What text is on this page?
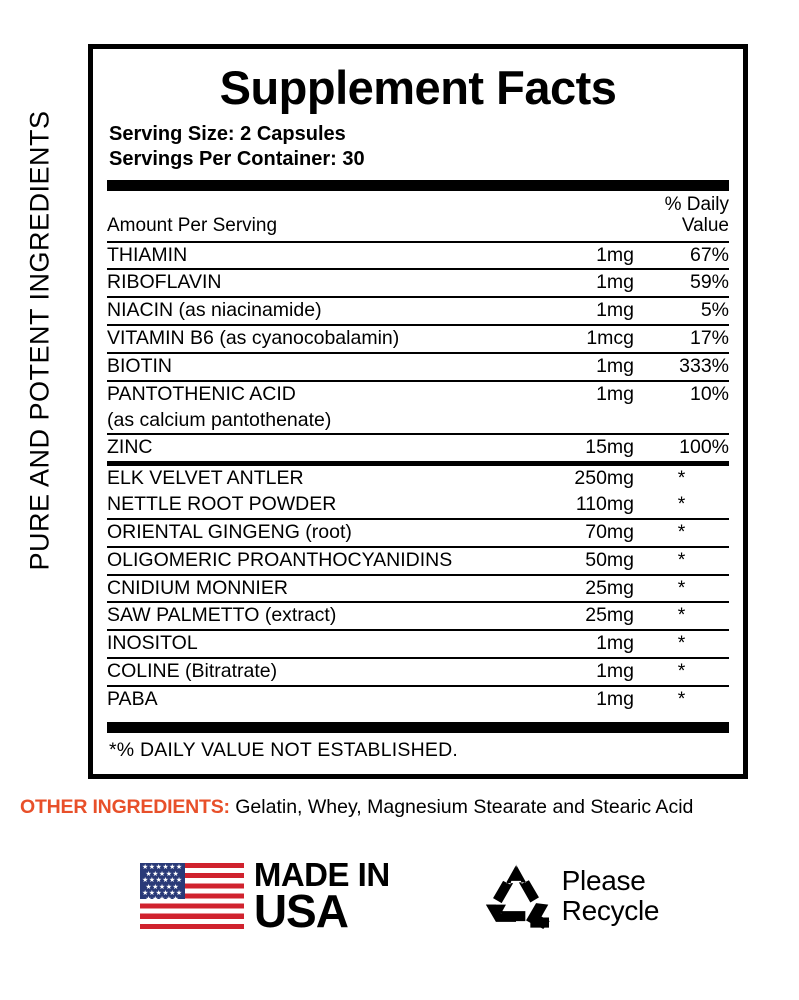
PURE AND POTENT INGREDIENTS
Supplement Facts
Serving Size: 2 Capsules
Servings Per Container: 30
Amount Per Serving		% Daily Value
THIAMIN	1mg	67%
RIBOFLAVIN	1mg	59%
NIACIN (as niacinamide)	1mg	5%
VITAMIN B6 (as cyanocobalamin)	1mcg	17%
BIOTIN	1mg	333%
PANTOTHENIC ACID	1mg	10%
(as calcium pantothenate)		
ZINC	15mg	100%
ELK VELVET ANTLER	250mg	*
NETTLE ROOT POWDER	110mg	*
ORIENTAL GINGENG (root)	70mg	*
OLIGOMERIC PROANTHOCYANIDINS	50mg	*
CNIDIUM MONNIER	25mg	*
SAW PALMETTO (extract)	25mg	*
INOSITOL	1mg	*
COLINE (Bitratrate)	1mg	*
PABA	1mg	*
*% DAILY VALUE NOT ESTABLISHED.
OTHER INGREDIENTS: Gelatin, Whey, Magnesium Stearate and Stearic Acid
★★★★★★
★★★★★
★★★★★★
★★★★★
★★★★★★
★★★★★
MADE IN
USA
Please
Recycle
